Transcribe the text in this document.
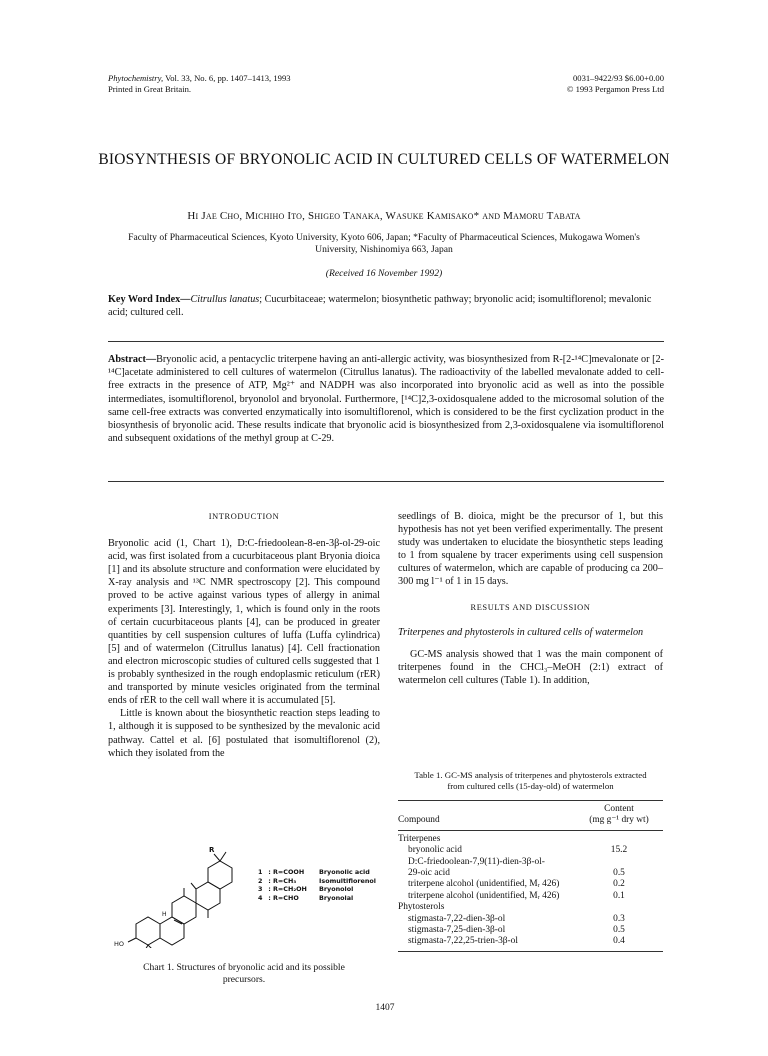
Phytochemistry, Vol. 33, No. 6, pp. 1407–1413, 1993
Printed in Great Britain.
0031–9422/93 $6.00+0.00
© 1993 Pergamon Press Ltd
BIOSYNTHESIS OF BRYONOLIC ACID IN CULTURED CELLS OF WATERMELON
Hi Jae Cho, Michiho Ito, Shigeo Tanaka, Wasuke Kamisako* and Mamoru Tabata
Faculty of Pharmaceutical Sciences, Kyoto University, Kyoto 606, Japan; *Faculty of Pharmaceutical Sciences, Mukogawa Women's University, Nishinomiya 663, Japan
(Received 16 November 1992)
Key Word Index—Citrullus lanatus; Cucurbitaceae; watermelon; biosynthetic pathway; bryonolic acid; isomultiflorenol; mevalonic acid; cultured cell.
Abstract—Bryonolic acid, a pentacyclic triterpene having an anti-allergic activity, was biosynthesized from R-[2-¹⁴C]mevalonate or [2-¹⁴C]acetate administered to cell cultures of watermelon (Citrullus lanatus). The radioactivity of the labelled mevalonate added to cell-free extracts in the presence of ATP, Mg²⁺ and NADPH was also incorporated into bryonolic acid as well as into the possible intermediates, isomultiflorenol, bryonolol and bryonolal. Furthermore, [¹⁴C]2,3-oxidosqualene added to the microsomal solution of the same cell-free extracts was converted enzymatically into isomultiflorenol, which is considered to be the first cyclization product in the biosynthesis of bryonolic acid. These results indicate that bryonolic acid is biosynthesized from 2,3-oxidosqualene via isomultiflorenol and subsequent oxidations of the methyl group at C-29.
INTRODUCTION

Bryonolic acid (1, Chart 1), D:C-friedoolean-8-en-3β-ol-29-oic acid, was first isolated from a cucurbitaceous plant Bryonia dioica [1] and its absolute structure and conformation were elucidated by X-ray analysis and ¹³C NMR spectroscopy [2]. This compound proved to be active against various types of allergy in animal experiments [3]. Interestingly, 1, which is found only in the roots of certain cucurbitaceous plants [4], can be produced in greater quantities by cell suspension cultures of luffa (Luffa cylindrica) [5] and of watermelon (Citrullus lanatus) [4]. Cell fractionation and electron microscopic studies of cultured cells suggested that 1 is probably synthesized in the rough endoplasmic reticulum (rER) and transported by minute vesicles originated from the terminal ends of rER to the cell wall where it is accumulated [5].

Little is known about the biosynthetic reaction steps leading to 1, although it is supposed to be synthesized by the mevalonic acid pathway. Cattel et al. [6] postulated that isomultiflorenol (2), which they isolated from the

R
HO
H
1 : R=COOH Bryonolic acid
2 : R=CH₃	Isomultiflorenol
3 : R=CH₂OH Bryonolol
4 : R=CHO	Bryonolal
Chart 1. Structures of bryonolic acid and its possible precursors.

seedlings of B. dioica, might be the precursor of 1, but this hypothesis has not yet been verified experimentally. The present study was undertaken to elucidate the biosynthetic steps leading to 1 from squalene by tracer experiments using cell suspension cultures of watermelon, which are capable of producing ca 200–300 mg l⁻¹ of 1 in 15 days.

RESULTS AND DISCUSSION
Triterpenes and phytosterols in cultured cells of watermelon

GC-MS analysis showed that 1 was the main component of triterpenes found in the CHCl₃–MeOH (2:1) extract of watermelon cell cultures (Table 1). In addition,

Table 1. GC-MS analysis of triterpenes and phytosterols extracted from cultured cells (15-day-old) of watermelon
Compound	
Content
(mg g⁻¹ dry wt)
Triterpenes	
bryonolic acid	15.2
D:C-friedoolean-7,9(11)-dien-3β-ol-	
29-oic acid	0.5
triterpene alcohol (unidentified, Mᵣ 426)	0.2
triterpene alcohol (unidentified, Mᵣ 426)	0.1
Phytosterols	
stigmasta-7,22-dien-3β-ol	0.3
stigmasta-7,25-dien-3β-ol	0.5
stigmasta-7,22,25-trien-3β-ol	0.4
1407
